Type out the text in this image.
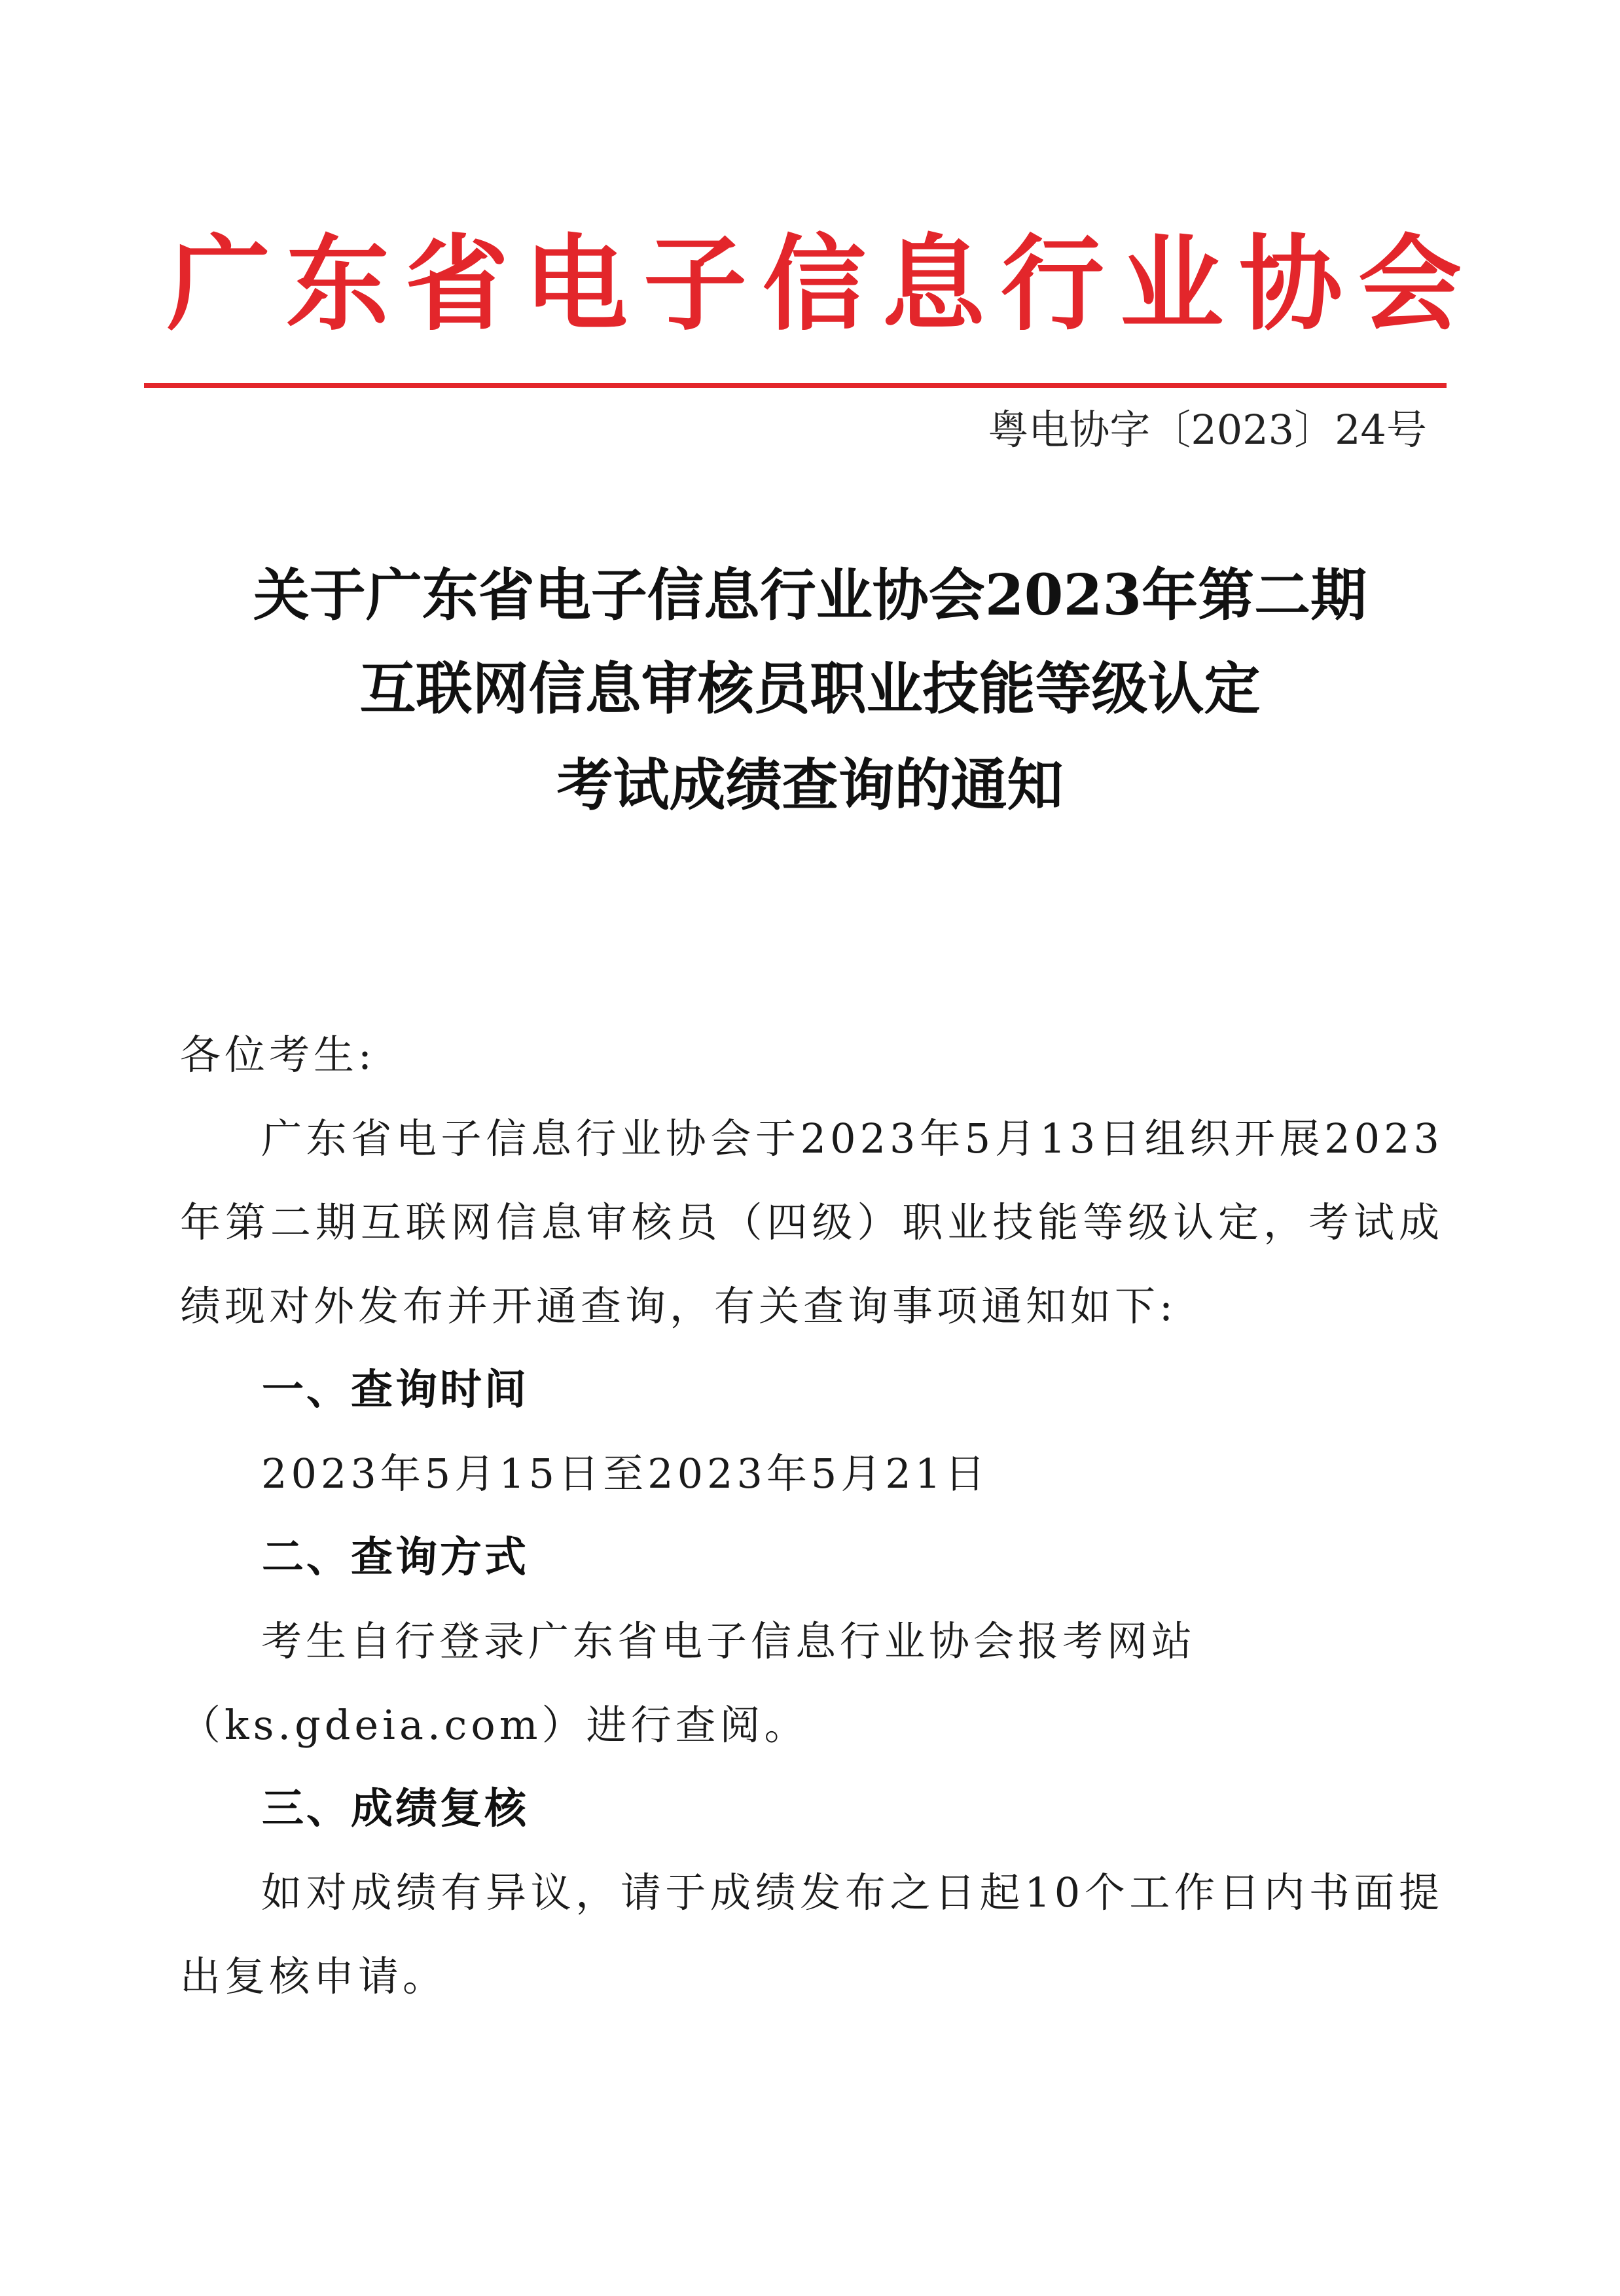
广东省电子信息行业协会
粤电协字〔2023〕24号
关于广东省电子信息行业协会2023年第二期
互联网信息审核员职业技能等级认定
考试成绩查询的通知
各位考生:
广东省电子信息行业协会于2023年5月13日组织开展2023年第二期互联网信息审核员（四级）职业技能等级认定，考试成绩现对外发布并开通查询，有关查询事项通知如下:
一、查询时间
2023年5月15日至2023年5月21日
二、查询方式
考生自行登录广东省电子信息行业协会报考网站（ks.gdeia.com）进行查阅。
三、成绩复核
如对成绩有异议，请于成绩发布之日起10个工作日内书面提出复核申请。
